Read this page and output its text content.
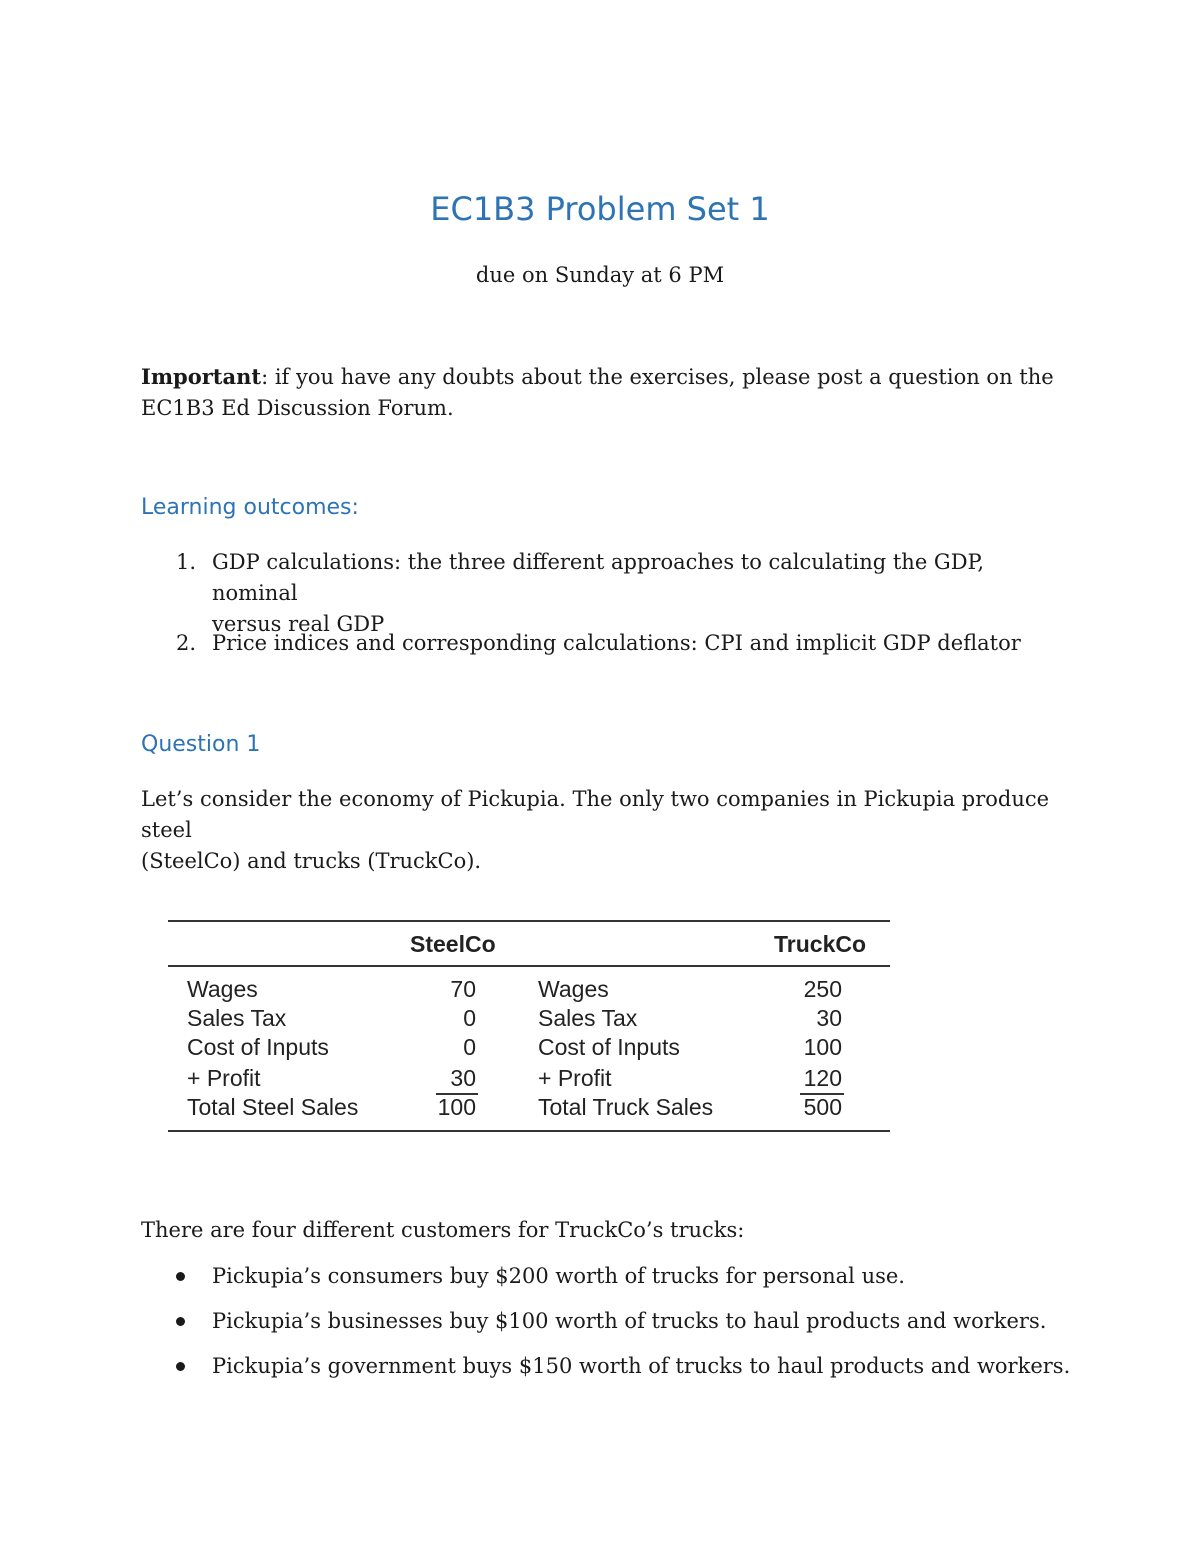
EC1B3 Problem Set 1
due on Sunday at 6 PM
Important: if you have any doubts about the exercises, please post a question on the
EC1B3 Ed Discussion Forum.
Learning outcomes:
1. GDP calculations: the three different approaches to calculating the GDP, nominal
versus real GDP
2. Price indices and corresponding calculations: CPI and implicit GDP deflator
Question 1
Let’s consider the economy of Pickupia. The only two companies in Pickupia produce steel
(SteelCo) and trucks (TruckCo).
SteelCo	TruckCo
Wages	70	Wages	250
Sales Tax	0	Sales Tax	30
Cost of Inputs	0	Cost of Inputs	100
+ Profit	30	+ Profit	120
Total Steel Sales	100	Total Truck Sales	500
There are four different customers for TruckCo’s trucks:
Pickupia’s consumers buy $200 worth of trucks for personal use.
Pickupia’s businesses buy $100 worth of trucks to haul products and workers.
Pickupia’s government buys $150 worth of trucks to haul products and workers.
